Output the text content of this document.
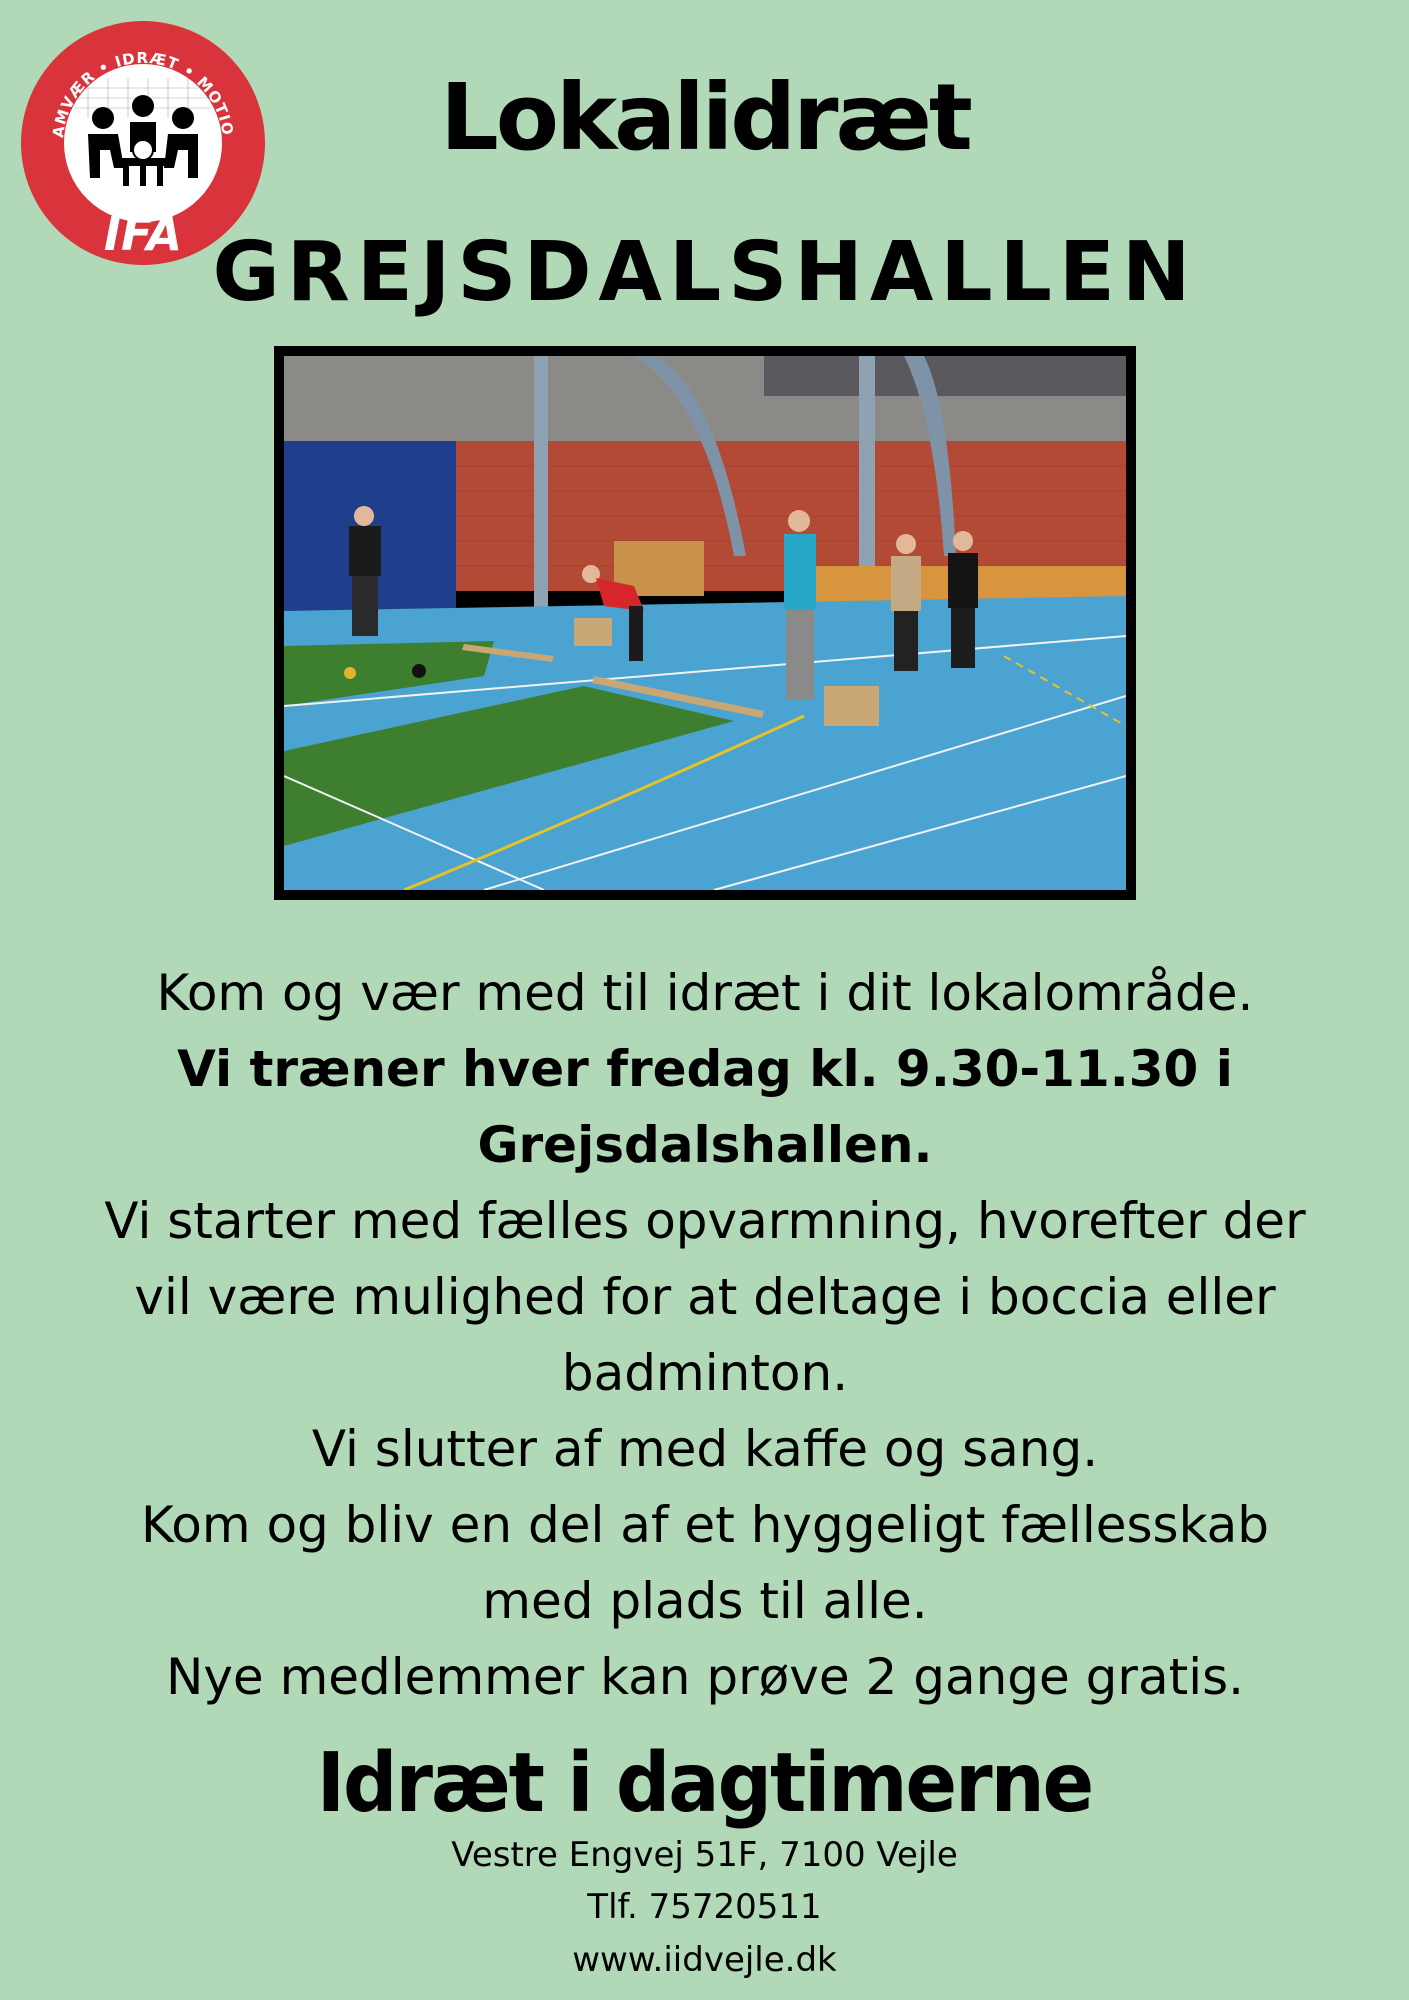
AMVÆR • IDRÆT • MOTIO
IFA
Lokalidræt
GREJSDALSHALLEN
Kom og vær med til idræt i dit lokalområde.
Vi træner hver fredag kl. 9.30-11.30 i
Grejsdalshallen.
Vi starter med fælles opvarmning, hvorefter der
vil være mulighed for at deltage i boccia eller
badminton.
Vi slutter af med kaffe og sang.
Kom og bliv en del af et hyggeligt fællesskab
med plads til alle.
Nye medlemmer kan prøve 2 gange gratis.
Idræt i dagtimerne
Vestre Engvej 51F, 7100 Vejle
Tlf. 75720511
www.iidvejle.dk
